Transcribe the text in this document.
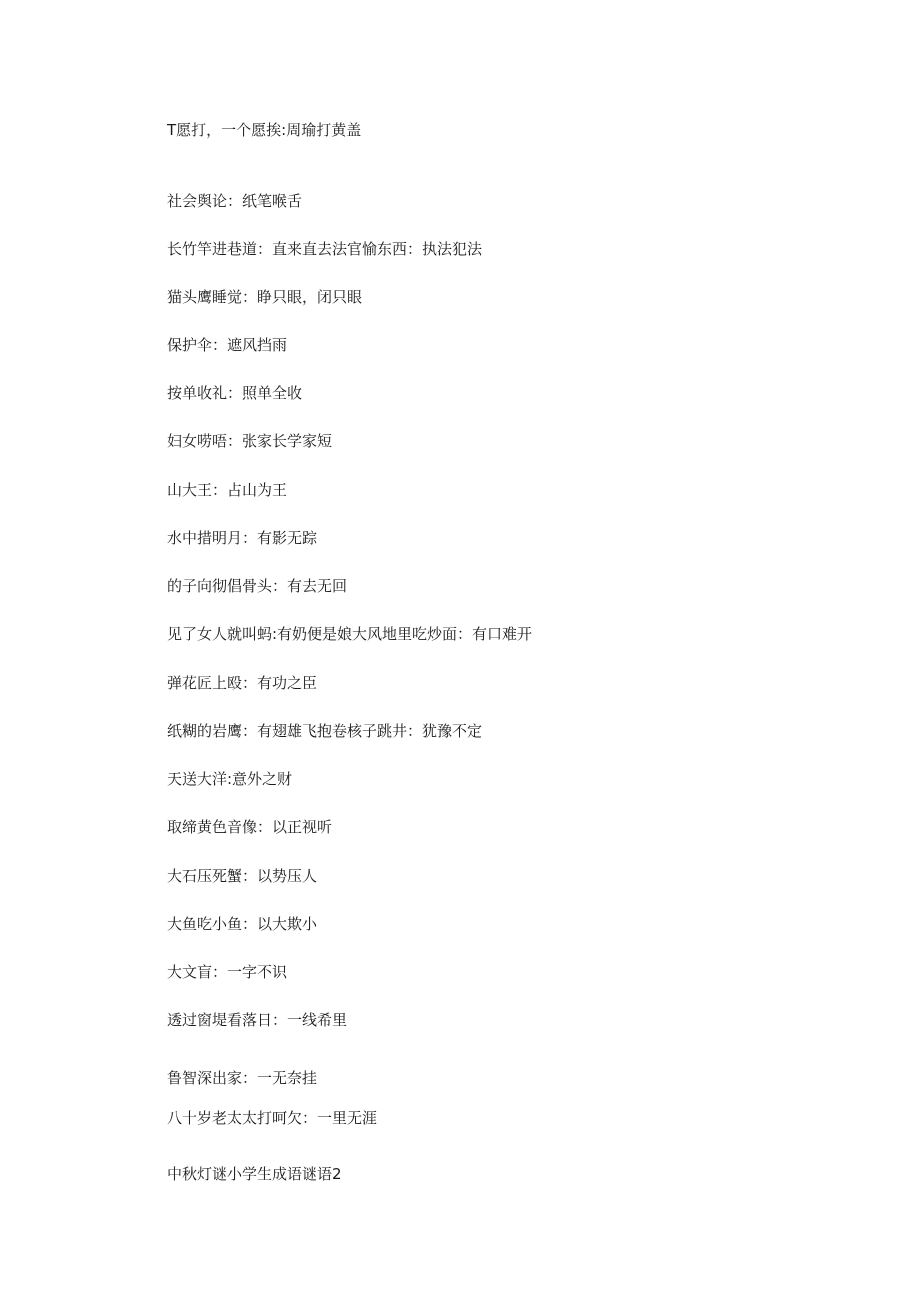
T愿打，一个愿挨:周瑜打黄盖
社会舆论：纸笔喉舌
长竹竿进巷道：直来直去法官愉东西：执法犯法
猫头鹰睡觉：睁只眼，闭只眼
保护伞：遮风挡雨
按单收礼：照单全收
妇女唠唔：张家长学家短
山大王：占山为王
水中措明月：有影无踪
的子向彻倡骨头：有去无回
见了女人就叫蚂:有奶便是娘大风地里吃炒面：有口难开
弹花匠上殴：有功之臣
纸糊的岩鹰：有翅雄飞抱卷核子跳井：犹豫不定
天送大洋:意外之财
取缔黄色音像：以正视听
大石压死蟹：以势压人
大鱼吃小鱼：以大欺小
大文盲：一字不识
透过窗堤看落日：一线希里
鲁智深出家：一无奈挂
八十岁老太太打呵欠：一里无涯
中秋灯谜小学生成语谜语2
